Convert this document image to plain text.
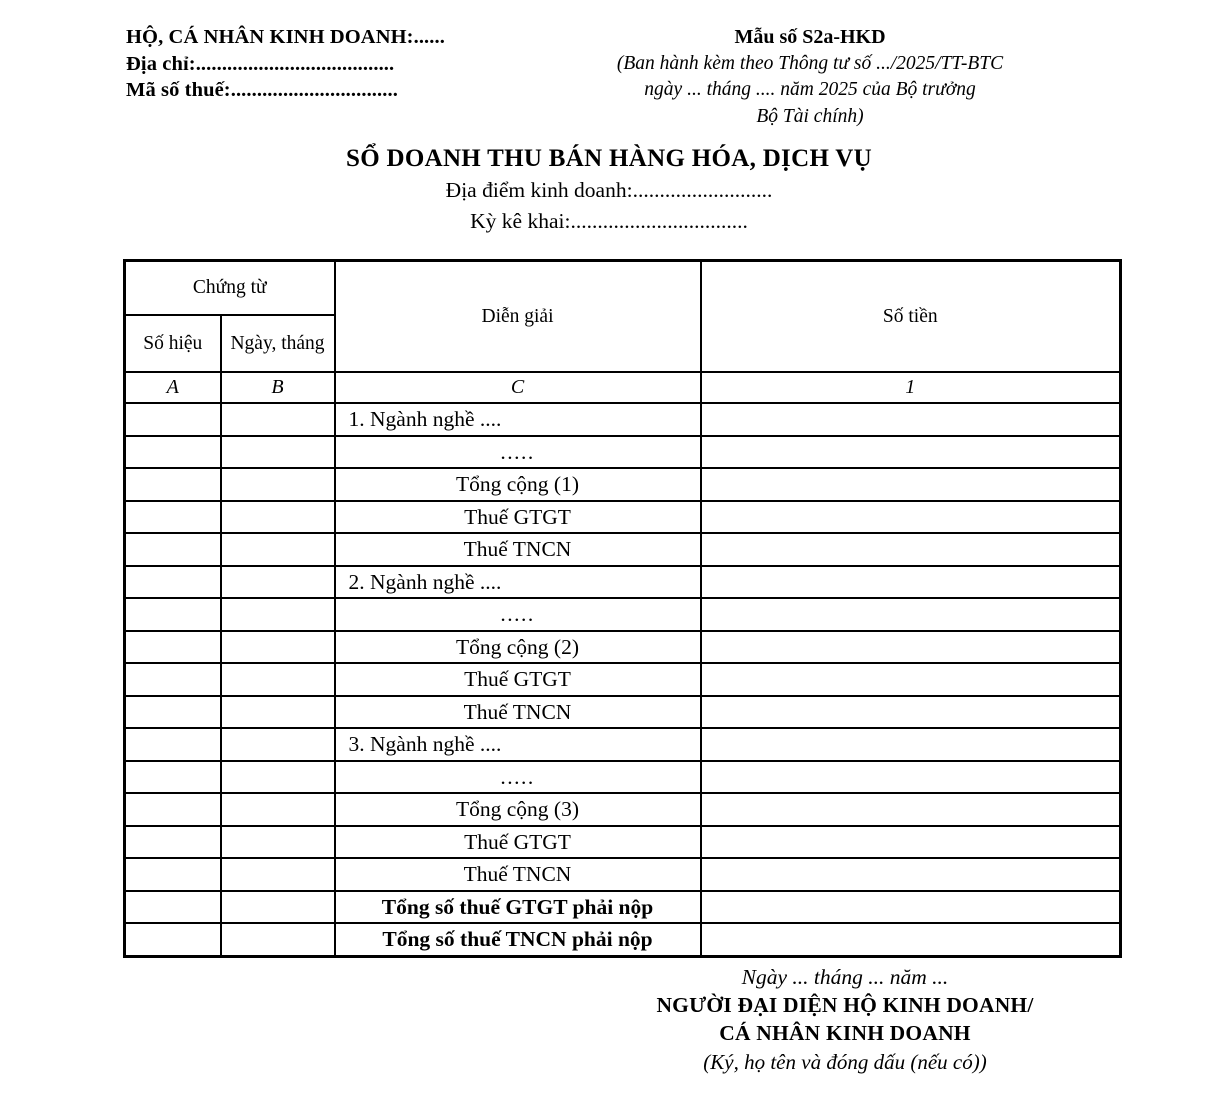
HỘ, CÁ NHÂN KINH DOANH:......
Địa chỉ:......................................
Mã số thuế:................................
Mẫu số S2a-HKD
(Ban hành kèm theo Thông tư số .../2025/TT-BTC
ngày ... tháng .... năm 2025 của Bộ trưởng
Bộ Tài chính)

SỔ DOANH THU BÁN HÀNG HÓA, DỊCH VỤ

Địa điểm kinh doanh:..........................

Kỳ kê khai:.................................

Chứng từ		Diễn giải	Số tiền
Số hiệu	Ngày, tháng		
A	B	C	1
		1. Ngành nghề ....	
		.....	
		Tổng cộng (1)	
		Thuế GTGT	
		Thuế TNCN	
		2. Ngành nghề ....	
		.....	
		Tổng cộng (2)	
		Thuế GTGT	
		Thuế TNCN	
		3. Ngành nghề ....	
		.....	
		Tổng cộng (3)	
		Thuế GTGT	
		Thuế TNCN	
		Tổng số thuế GTGT phải nộp	
		Tổng số thuế TNCN phải nộp	
Ngày ... tháng ... năm ...
NGƯỜI ĐẠI DIỆN HỘ KINH DOANH/
CÁ NHÂN KINH DOANH
(Ký, họ tên và đóng dấu (nếu có))
